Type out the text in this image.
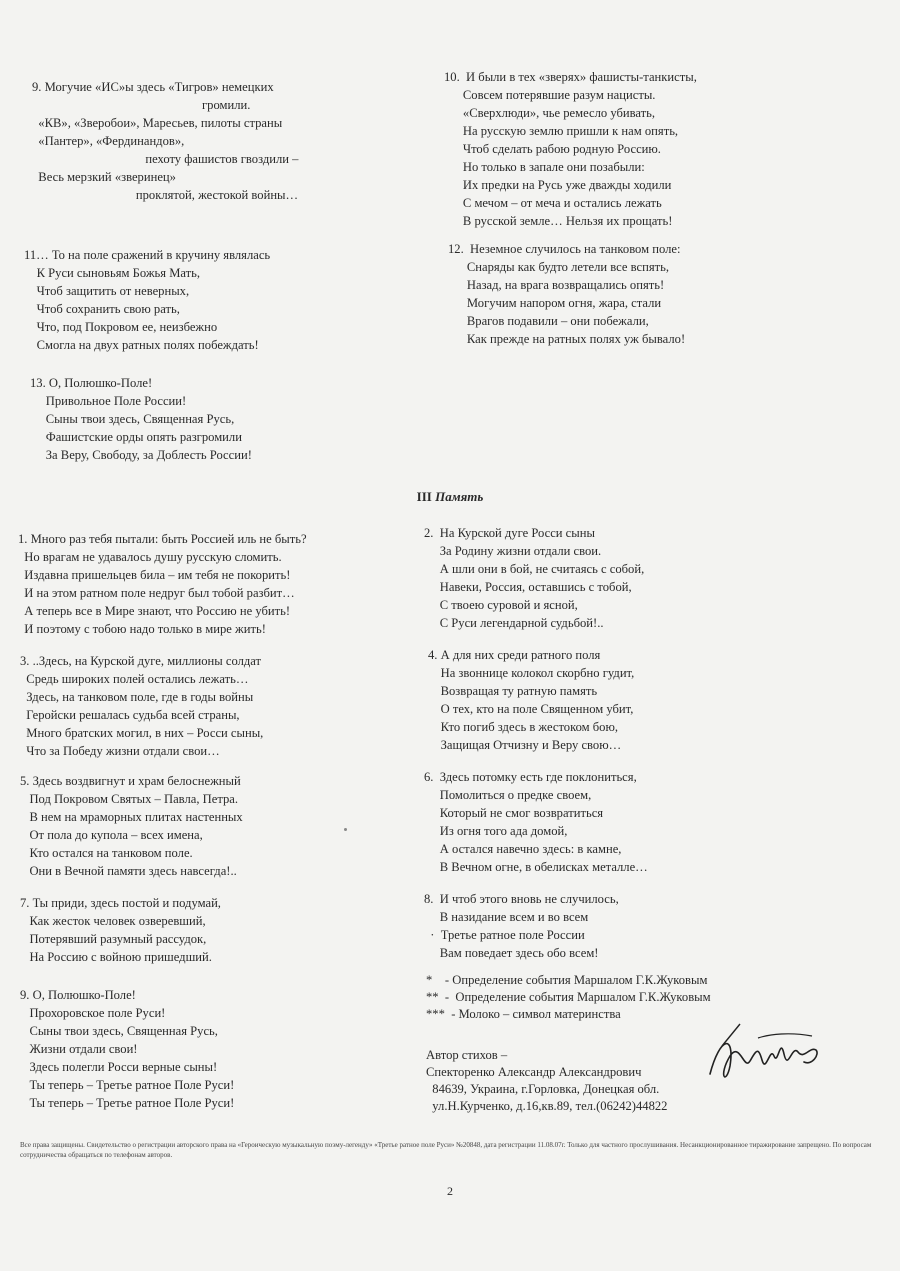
9. Могучие «ИС»ы здесь «Тигров» немецких
громили.
«КВ», «Зверобои», Маресьев, пилоты страны
«Пантер», «Фердинандов»,
пехоту фашистов гвоздили –
Весь мерзкий «зверинец»
проклятой, жестокой войны…
11… То на поле сражений в кручину являлась
К Руси сыновьям Божья Мать,
Чтоб защитить от неверных,
Чтоб сохранить свою рать,
Что, под Покровом ее, неизбежно
Смогла на двух ратных полях побеждать!
13. О, Полюшко-Поле!
Привольное Поле России!
Сыны твои здесь, Священная Русь,
Фашистские орды опять разгромили
За Веру, Свободу, за Доблесть России!
10.  И были в тех «зверях» фашисты-танкисты,
Совсем потерявшие разум нацисты.
«Сверхлюди», чье ремесло убивать,
На русскую землю пришли к нам опять,
Чтоб сделать рабою родную Россию.
Но только в запале они позабыли:
Их предки на Русь уже дважды ходили
С мечом – от меча и остались лежать
В русской земле… Нельзя их прощать!
12.  Неземное случилось на танковом поле:
Снаряды как будто летели все вспять,
Назад, на врага возвращались опять!
Могучим напором огня, жара, стали
Врагов подавили – они побежали,
Как прежде на ратных полях уж бывало!
III Память
1. Много раз тебя пытали: быть Россией иль не быть?
Но врагам не удавалось душу русскую сломить.
Издавна пришельцев била – им тебя не покорить!
И на этом ратном поле недруг был тобой разбит…
А теперь все в Мире знают, что Россию не убить!
И поэтому с тобою надо только в мире жить!
3. ..Здесь, на Курской дуге, миллионы солдат
Средь широких полей остались лежать…
Здесь, на танковом поле, где в годы войны
Геройски решалась судьба всей страны,
Много братских могил, в них – Росси сыны,
Что за Победу жизни отдали свои…
5. Здесь воздвигнут и храм белоснежный
Под Покровом Святых – Павла, Петра.
В нем на мраморных плитах настенных
От пола до купола – всех имена,
Кто остался на танковом поле.
Они в Вечной памяти здесь навсегда!..
7. Ты приди, здесь постой и подумай,
Как жесток человек озверевший,
Потерявший разумный рассудок,
На Россию с войною пришедший.
9. О, Полюшко-Поле!
Прохоровское поле Руси!
Сыны твои здесь, Священная Русь,
Жизни отдали свои!
Здесь полегли Росси верные сыны!
Ты теперь – Третье ратное Поле Руси!
Ты теперь – Третье ратное Поле Руси!
2.  На Курской дуге Росси сыны
За Родину жизни отдали свои.
А шли они в бой, не считаясь с собой,
Навеки, Россия, оставшись с тобой,
С твоею суровой и ясной,
С Руси легендарной судьбой!..
4. А для них среди ратного поля
На звоннице колокол скорбно гудит,
Возвращая ту ратную память
О тех, кто на поле Священном убит,
Кто погиб здесь в жестоком бою,
Защищая Отчизну и Веру свою…
6.  Здесь потомку есть где поклониться,
Помолиться о предке своем,
Который не смог возвратиться
Из огня того ада домой,
А остался навечно здесь: в камне,
В Вечном огне, в обелисках металле…
8.  И чтоб этого вновь не случилось,
В назидание всем и во всем
·  Третье ратное поле России
Вам поведает здесь обо всем!
*    - Определение события Маршалом Г.К.Жуковым
**  -  Определение события Маршалом Г.К.Жуковым
***  - Молоко – символ материнства
Автор стихов –
Спекторенко Александр Александрович
84639, Украина, г.Горловка, Донецкая обл.
ул.Н.Курченко, д.16,кв.89, тел.(06242)44822
Все права защищены. Свидетельство о регистрации авторского права на «Героическую музыкальную поэму-легенду» «Третье ратное поле Руси» №20848, дата регистрации 11.08.07г. Только для частного прослушивания. Несанкционированное тиражирование запрещено. По вопросам сотрудничества обращаться по телефонам авторов.
2
